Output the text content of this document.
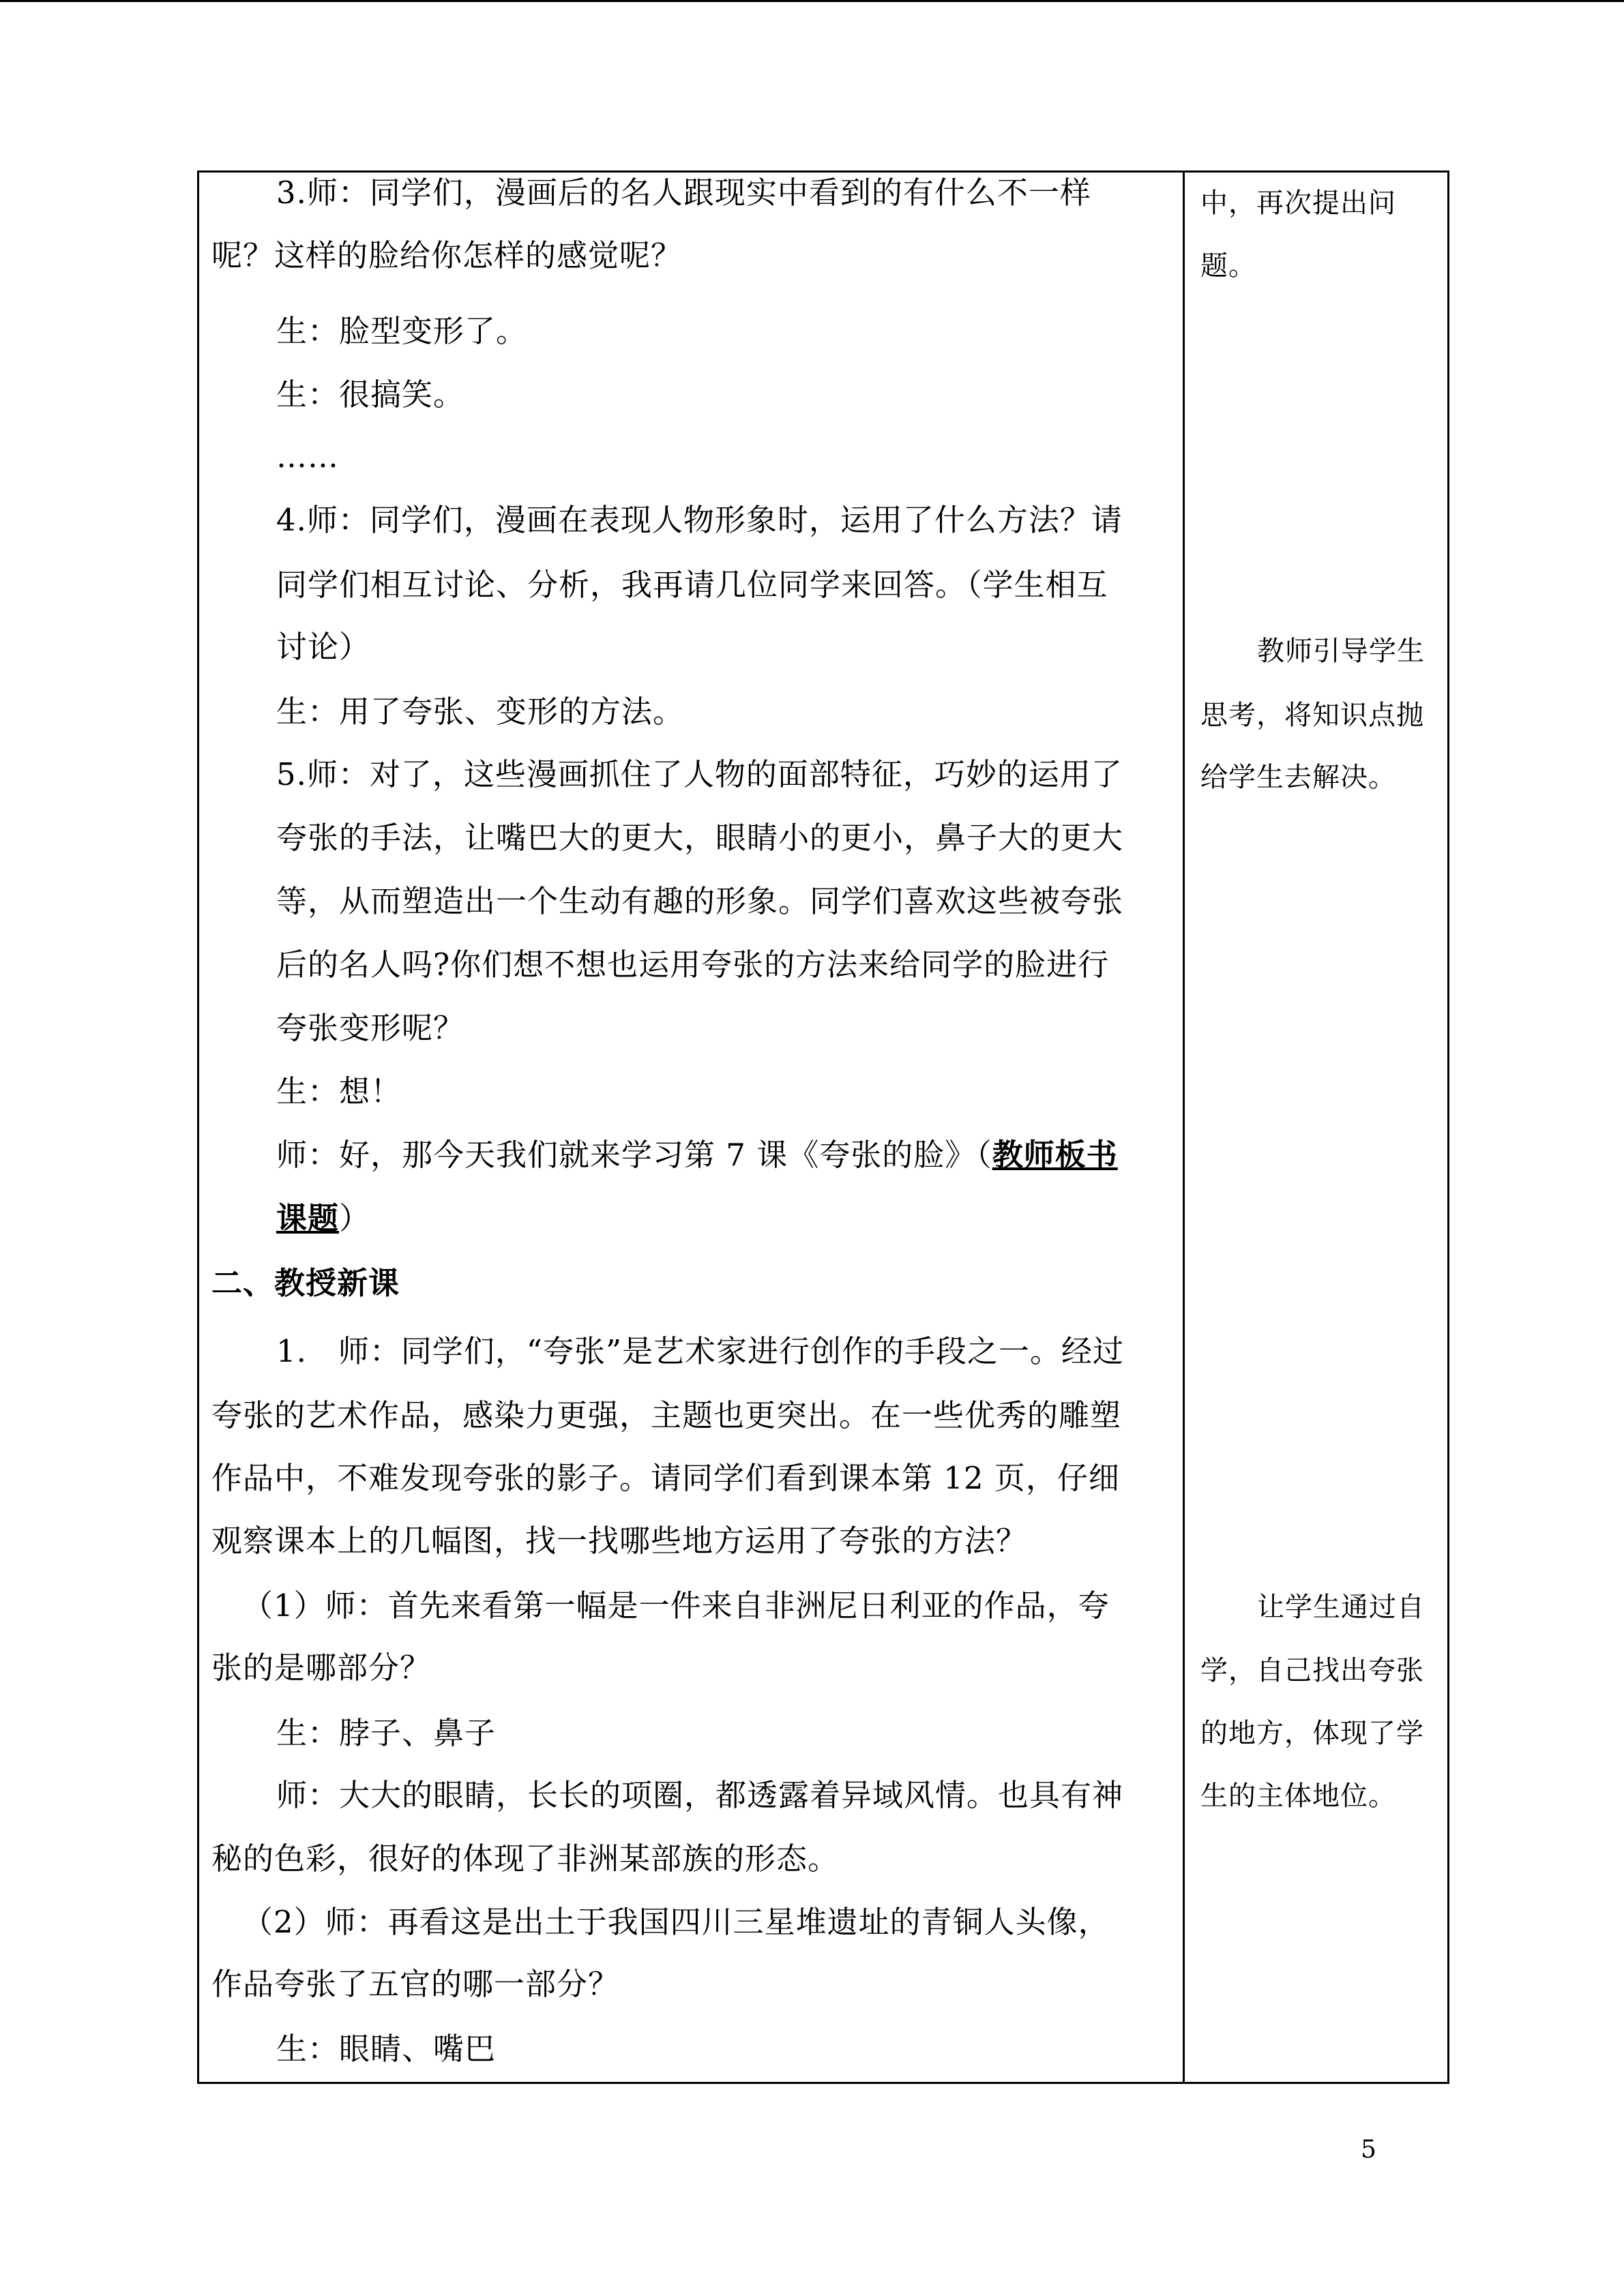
3.师：同学们，漫画后的名人跟现实中看到的有什么不一样
呢？这样的脸给你怎样的感觉呢？
生：脸型变形了。
生：很搞笑。
……
4.师：同学们，漫画在表现人物形象时，运用了什么方法？请
同学们相互讨论、分析，我再请几位同学来回答。（学生相互
讨论）
生：用了夸张、变形的方法。
5.师：对了，这些漫画抓住了人物的面部特征，巧妙的运用了
夸张的手法，让嘴巴大的更大，眼睛小的更小，鼻子大的更大
等，从而塑造出一个生动有趣的形象。同学们喜欢这些被夸张
后的名人吗?你们想不想也运用夸张的方法来给同学的脸进行
夸张变形呢？
生：想！
师：好，那今天我们就来学习第 7 课《夸张的脸》（教师板书
课题）
二、教授新课
1.　师：同学们，“夸张”是艺术家进行创作的手段之一。经过
夸张的艺术作品，感染力更强，主题也更突出。在一些优秀的雕塑
作品中，不难发现夸张的影子。请同学们看到课本第 12 页，仔细
观察课本上的几幅图，找一找哪些地方运用了夸张的方法？
（1）师：首先来看第一幅是一件来自非洲尼日利亚的作品，夸
张的是哪部分？
生：脖子、鼻子
师：大大的眼睛，长长的项圈，都透露着异域风情。也具有神
秘的色彩，很好的体现了非洲某部族的形态。
（2）师：再看这是出土于我国四川三星堆遗址的青铜人头像，
作品夸张了五官的哪一部分？
生：眼睛、嘴巴
中，再次提出问
题。
教师引导学生
思考，将知识点抛
给学生去解决。
让学生通过自
学，自己找出夸张
的地方，体现了学
生的主体地位。
5
